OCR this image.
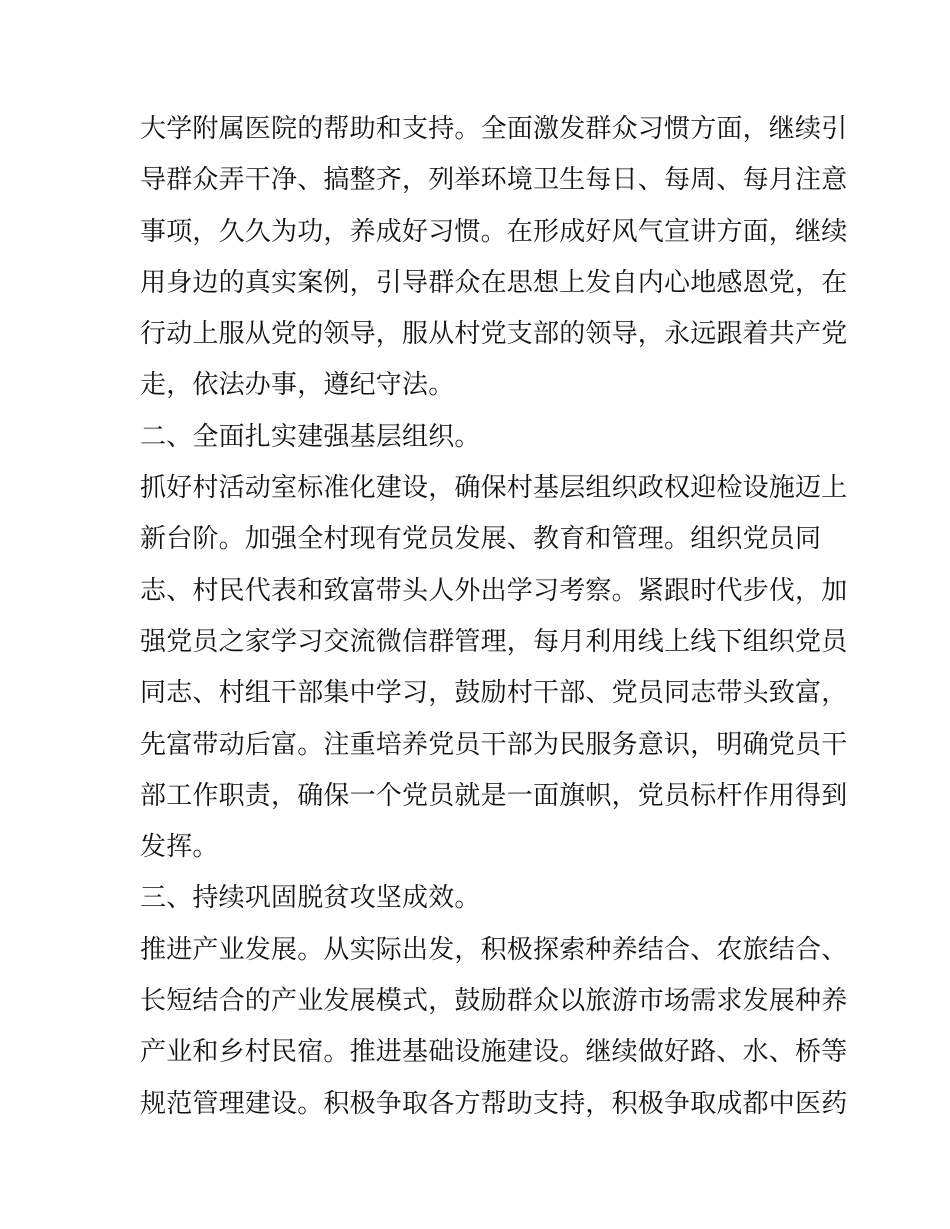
大学附属医院的帮助和支持。全面激发群众习惯方面，继续引
导群众弄干净、搞整齐，列举环境卫生每日、每周、每月注意
事项，久久为功，养成好习惯。在形成好风气宣讲方面，继续
用身边的真实案例，引导群众在思想上发自内心地感恩党，在
行动上服从党的领导，服从村党支部的领导，永远跟着共产党
走，依法办事，遵纪守法。
二、全面扎实建强基层组织。
抓好村活动室标准化建设，确保村基层组织政权迎检设施迈上
新台阶。加强全村现有党员发展、教育和管理。组织党员同
志、村民代表和致富带头人外出学习考察。紧跟时代步伐，加
强党员之家学习交流微信群管理，每月利用线上线下组织党员
同志、村组干部集中学习，鼓励村干部、党员同志带头致富，
先富带动后富。注重培养党员干部为民服务意识，明确党员干
部工作职责，确保一个党员就是一面旗帜，党员标杆作用得到
发挥。
三、持续巩固脱贫攻坚成效。
推进产业发展。从实际出发，积极探索种养结合、农旅结合、
长短结合的产业发展模式，鼓励群众以旅游市场需求发展种养
产业和乡村民宿。推进基础设施建设。继续做好路、水、桥等
规范管理建设。积极争取各方帮助支持，积极争取成都中医药
